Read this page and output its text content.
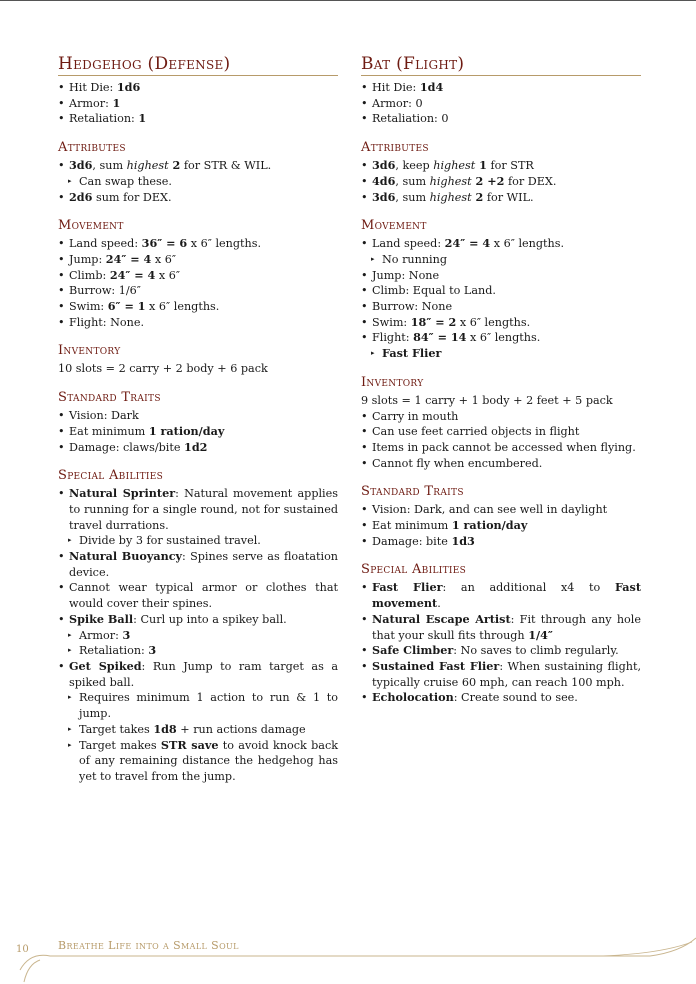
Hedgehog (Defense)
• Hit Die: 1d6
• Armor: 1
• Retaliation: 1
Attributes
• 3d6, sum highest 2 for STR & WIL.
▸ Can swap these.
• 2d6 sum for DEX.
Movement
• Land speed: 36″ = 6 x 6″ lengths.
• Jump: 24″ = 4 x 6″
• Climb: 24″ = 4 x 6″
• Burrow: 1/6″
• Swim: 6″ = 1 x 6″ lengths.
• Flight: None.
Inventory

10 slots = 2 carry + 2 body + 6 pack

Standard Traits
• Vision: Dark
• Eat minimum 1 ration/day
• Damage: claws/bite 1d2
Special Abilities
• Natural Sprinter: Natural movement applies to running for a single round, not for sustained travel durrations.
▸ Divide by 3 for sustained travel.
• Natural Buoyancy: Spines serve as floatation device.
• Cannot wear typical armor or clothes that would cover their spines.
• Spike Ball: Curl up into a spikey ball.
▸ Armor: 3
▸ Retaliation: 3
• Get Spiked: Run Jump to ram target as a spiked ball.
▸ Requires minimum 1 action to run & 1 to jump.
▸ Target takes 1d8 + run actions damage
▸ Target makes STR save to avoid knock back of any remaining distance the hedgehog has yet to travel from the jump.
Bat (Flight)
• Hit Die: 1d4
• Armor: 0
• Retaliation: 0
Attributes
• 3d6, keep highest 1 for STR
• 4d6, sum highest 2 +2 for DEX.
• 3d6, sum highest 2 for WIL.
Movement
• Land speed: 24″ = 4 x 6″ lengths.
▸ No running
• Jump: None
• Climb: Equal to Land.
• Burrow: None
• Swim: 18″ = 2 x 6″ lengths.
• Flight: 84″ = 14 x 6″ lengths.
▸ Fast Flier
Inventory

9 slots = 1 carry + 1 body + 2 feet + 5 pack

• Carry in mouth
• Can use feet carried objects in flight
• Items in pack cannot be accessed when flying.
• Cannot fly when encumbered.
Standard Traits
• Vision: Dark, and can see well in daylight
• Eat minimum 1 ration/day
• Damage: bite 1d3
Special Abilities
• Fast Flier: an additional x4 to Fast movement.
• Natural Escape Artist: Fit through any hole that your skull fits through 1/4″
• Safe Climber: No saves to climb regularly.
• Sustained Fast Flier: When sustaining flight, typically cruise 60 mph, can reach 100 mph.
• Echolocation: Create sound to see.
10	Breathe Life into a Small Soul
